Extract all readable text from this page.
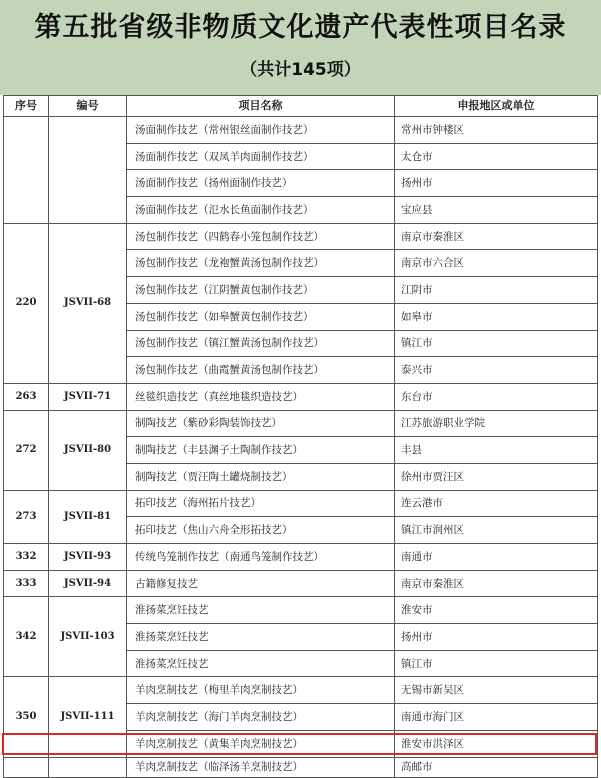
第五批省级非物质文化遗产代表性项目名录
（共计145项）
序号	编号	项目名称	申报地区或单位
		汤面制作技艺（常州银丝面制作技艺）	常州市钟楼区
		汤面制作技艺（双凤羊肉面制作技艺）	太仓市
		汤面制作技艺（扬州面制作技艺）	扬州市
		汤面制作技艺（氾水长鱼面制作技艺）	宝应县
220	JSVII-68	汤包制作技艺（四鹤春小笼包制作技艺）	南京市秦淮区
		汤包制作技艺（龙袍蟹黄汤包制作技艺）	南京市六合区
		汤包制作技艺（江阴蟹黄包制作技艺）	江阴市
		汤包制作技艺（如皋蟹黄包制作技艺）	如皋市
		汤包制作技艺（镇江蟹黄汤包制作技艺）	镇江市
		汤包制作技艺（曲霞蟹黄汤包制作技艺）	泰兴市
263	JSVII-71	丝毯织造技艺（真丝地毯织造技艺）	东台市
272	JSVII-80	制陶技艺（紫砂彩陶装饰技艺）	江苏旅游职业学院
		制陶技艺（丰县渊子土陶制作技艺）	丰县
		制陶技艺（贾汪陶土罐烧制技艺）	徐州市贾汪区
273	JSVII-81	拓印技艺（海州拓片技艺）	连云港市
		拓印技艺（焦山六舟全形拓技艺）	镇江市润州区
332	JSVII-93	传统鸟笼制作技艺（南通鸟笼制作技艺）	南通市
333	JSVII-94	古籍修复技艺	南京市秦淮区
342	JSVII-103	淮扬菜烹饪技艺	淮安市
		淮扬菜烹饪技艺	扬州市
		淮扬菜烹饪技艺	镇江市
350	JSVII-111	羊肉烹制技艺（梅里羊肉烹制技艺）	无锡市新吴区
		羊肉烹制技艺（海门羊肉烹制技艺）	南通市海门区
		羊肉烹制技艺（黄集羊肉烹制技艺）	淮安市洪泽区
		羊肉烹制技艺（临泽汤羊烹制技艺）	高邮市
